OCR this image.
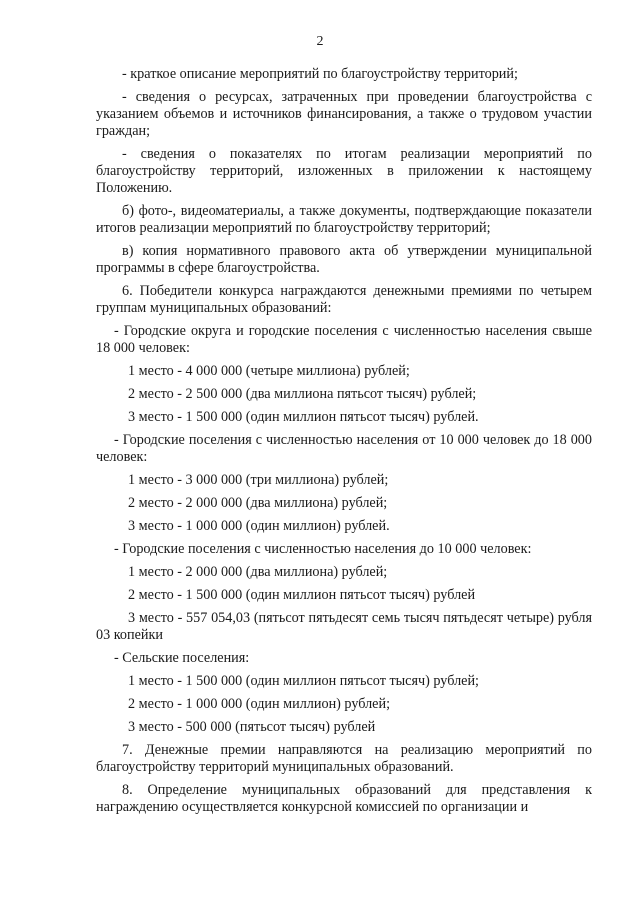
2

- краткое описание мероприятий по благоустройству территорий;

- сведения о ресурсах, затраченных при проведении благоустройства с указанием объемов и источников финансирования, а также о трудовом участии граждан;

- сведения о показателях по итогам реализации мероприятий по благоустройству территорий, изложенных в приложении к настоящему Положению.

б) фото-, видеоматериалы, а также документы, подтверждающие показатели итогов реализации мероприятий по благоустройству территорий;

в) копия нормативного правового акта об утверждении муниципальной программы в сфере благоустройства.

6. Победители конкурса награждаются денежными премиями по четырем группам муниципальных образований:

- Городские округа и городские поселения с численностью населения свыше 18 000 человек:

1 место - 4 000 000 (четыре миллиона) рублей;
2 место - 2 500 000 (два миллиона пятьсот тысяч) рублей;
3 место - 1 500 000 (один миллион пятьсот тысяч) рублей.

- Городские поселения с численностью населения от 10 000 человек до 18 000 человек:

1 место - 3 000 000 (три миллиона) рублей;
2 место - 2 000 000 (два миллиона) рублей;
3 место - 1 000 000 (один миллион) рублей.

- Городские поселения с численностью населения до 10 000 человек:

1 место - 2 000 000 (два миллиона) рублей;
2 место - 1 500 000 (один миллион пятьсот тысяч) рублей

3 место - 557 054,03 (пятьсот пятьдесят семь тысяч пятьдесят четыре) рубля 03 копейки

- Сельские поселения:

1 место - 1 500 000 (один миллион пятьсот тысяч) рублей;
2 место - 1 000 000 (один миллион) рублей;
3 место - 500 000 (пятьсот тысяч) рублей

7. Денежные премии направляются на реализацию мероприятий по благоустройству территорий муниципальных образований.

8. Определение муниципальных образований для представления к награждению осуществляется конкурсной комиссией по организации и
